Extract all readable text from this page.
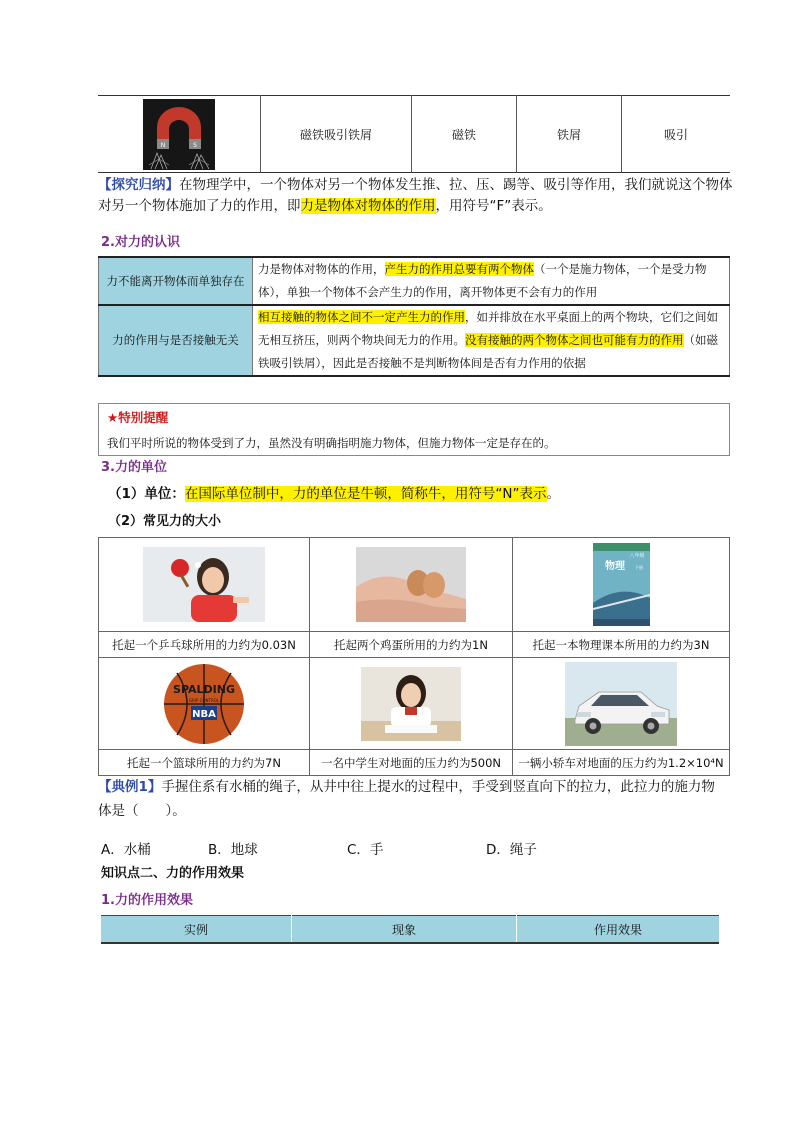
N	S
	磁铁吸引铁屑	磁铁	铁屑	吸引
【探究归纳】在物理学中，一个物体对另一个物体发生推、拉、压、踢等、吸引等作用，我们就说这个物体对另一个物体施加了力的作用，即力是物体对物体的作用，用符号“F”表示。
2.对力的认识
力不能离开物体而单独存在	力是物体对物体的作用，产生力的作用总要有两个物体（一个是施力物体，一个是受力物体），单独一个物体不会产生力的作用，离开物体更不会有力的作用
力的作用与是否接触无关	相互接触的物体之间不一定产生力的作用，如并排放在水平桌面上的两个物块，它们之间如无相互挤压，则两个物块间无力的作用。没有接触的两个物体之间也可能有力的作用（如磁铁吸引铁屑），因此是否接触不是判断物体间是否有力作用的依据
★特别提醒
我们平时所说的物体受到了力，虽然没有明确指明施力物体，但施力物体一定是存在的。
3.力的单位
（1）单位：在国际单位制中，力的单位是牛顿，简称牛，用符号“N”表示。
（2）常见力的大小

八年级
物理 下册

托起一个乒乓球所用的力约为0.03N	托起两个鸡蛋所用的力约为1N	托起一本物理课本所用的力约为3N

SPALDING
GRIP CONTROL
NBA

托起一个篮球所用的力约为7N	一名中学生对地面的压力约为500N	一辆小轿车对地面的压力约为1.2×10⁴N
【典例1】手握住系有水桶的绳子，从井中往上提水的过程中，手受到竖直向下的拉力，此拉力的施力物体是（　　）。
A．水桶	B．地球	C．手	D．绳子
知识点二、力的作用效果
1.力的作用效果
实例	现象	作用效果
